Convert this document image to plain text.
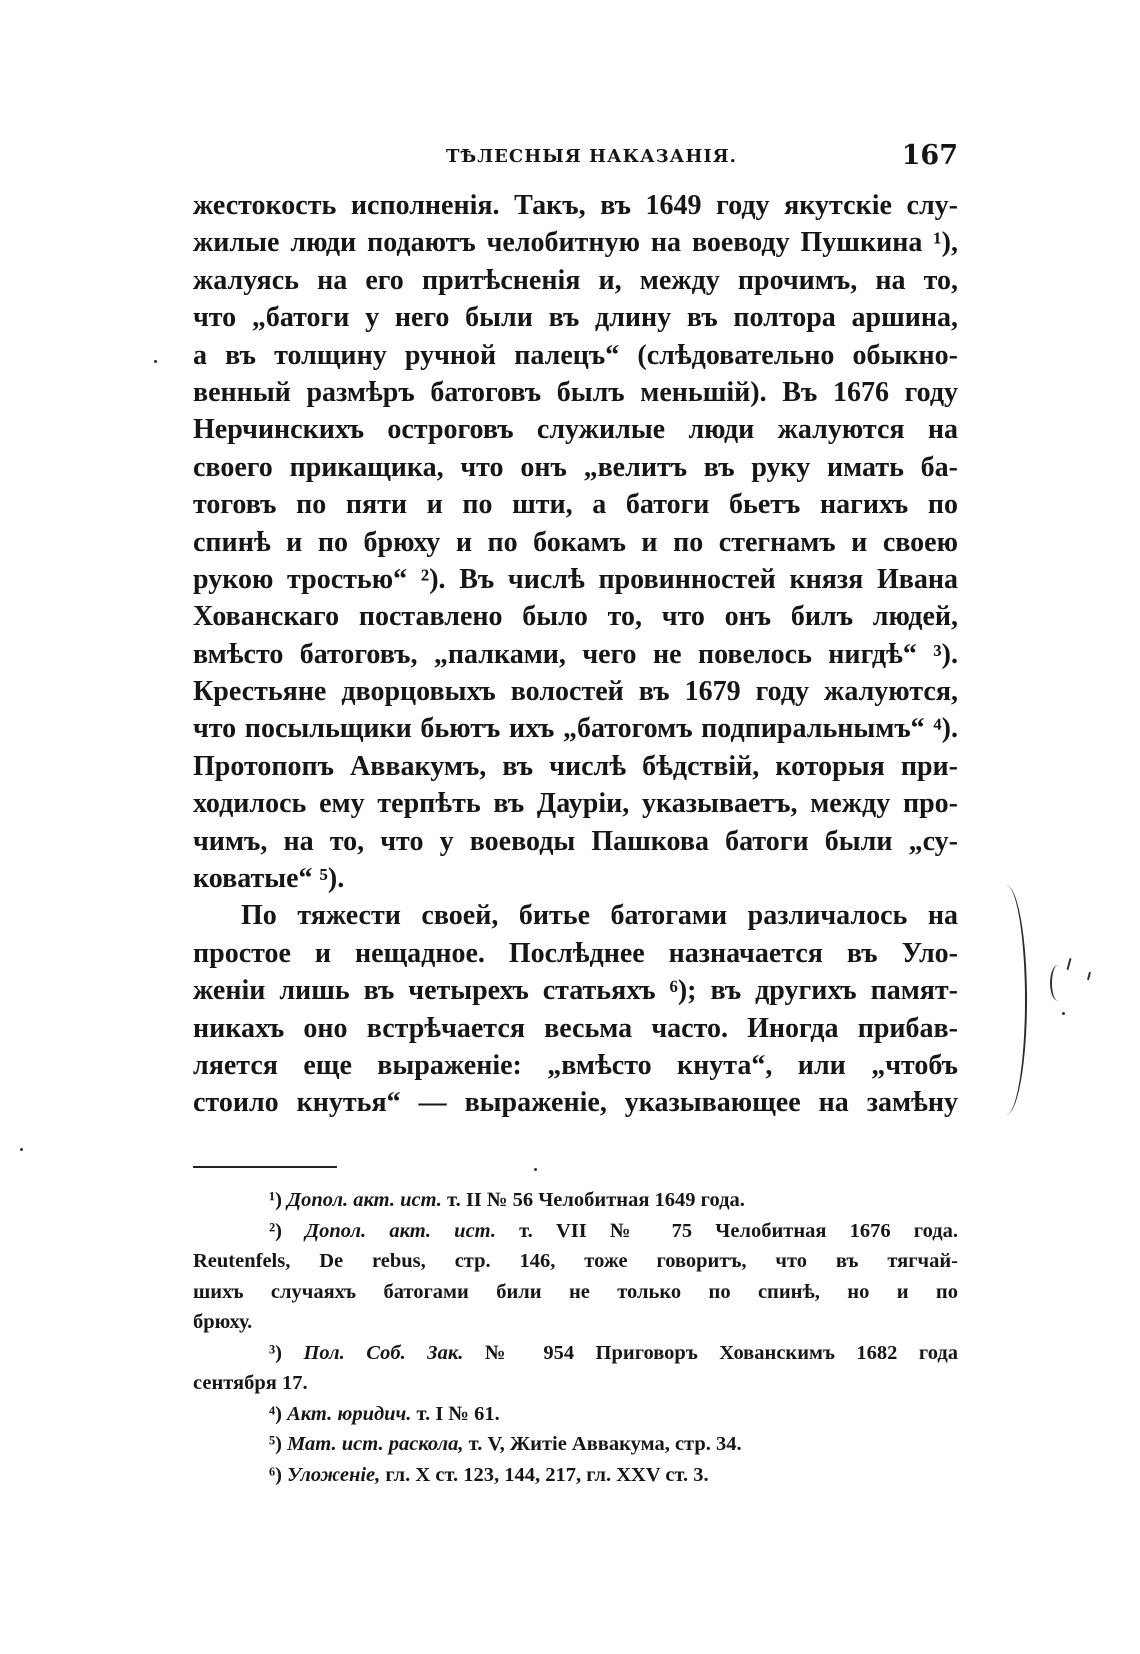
ТѢЛЕСНЫЯ НАКАЗАНІЯ.	167
жестокость исполненія. Такъ, въ 1649 году якутскіе слу-
жилые люди подаютъ челобитную на воеводу Пушкина ¹),
жалуясь на его притѣсненія и, между прочимъ, на то,
что „батоги у него были въ длину въ полтора аршина,
а въ толщину ручной палецъ“ (слѣдовательно обыкно-
венный размѣръ батоговъ былъ меньшій). Въ 1676 году
Нерчинскихъ остроговъ служилые люди жалуются на
своего прикащика, что онъ „велитъ въ руку имать ба-
тоговъ по пяти и по шти, а батоги бьетъ нагихъ по
спинѣ и по брюху и по бокамъ и по стегнамъ и своею
рукою тростью“ ²). Въ числѣ провинностей князя Ивана
Хованскаго поставлено было то, что онъ билъ людей,
вмѣсто батоговъ, „палками, чего не повелось нигдѣ“ ³).
Крестьяне дворцовыхъ волостей въ 1679 году жалуются,
что посыльщики бьютъ ихъ „батогомъ подпиральнымъ“ ⁴).
Протопопъ Аввакумъ, въ числѣ бѣдствій, которыя при-
ходилось ему терпѣть въ Дауріи, указываетъ, между про-
чимъ, на то, что у воеводы Пашкова батоги были „су-
коватые“ ⁵).
По тяжести своей, битье батогами различалось на
простое и нещадное. Послѣднее назначается въ Уло-
женіи лишь въ четырехъ статьяхъ ⁶); въ другихъ памят-
никахъ оно встрѣчается весьма часто. Иногда прибав-
ляется еще выраженіе: „вмѣсто кнута“, или „чтобъ
стоило кнутья“ — выраженіе, указывающее на замѣну
¹) Допол. акт. ист. т. II № 56 Челобитная 1649 года.
²) Допол. акт. ист. т. VII № 75 Челобитная 1676 года.
Reutenfels, De rebus, стр. 146, тоже говоритъ, что въ тягчай-
шихъ случаяхъ батогами били не только по спинѣ, но и по
брюху.
³) Пол. Соб. Зак. № 954 Приговоръ Хованскимъ 1682 года
сентября 17.
⁴) Акт. юридич. т. I № 61.
⁵) Мат. ист. раскола, т. V, Житіе Аввакума, стр. 34.
⁶) Уложеніе, гл. X ст. 123, 144, 217, гл. XXV ст. 3.
